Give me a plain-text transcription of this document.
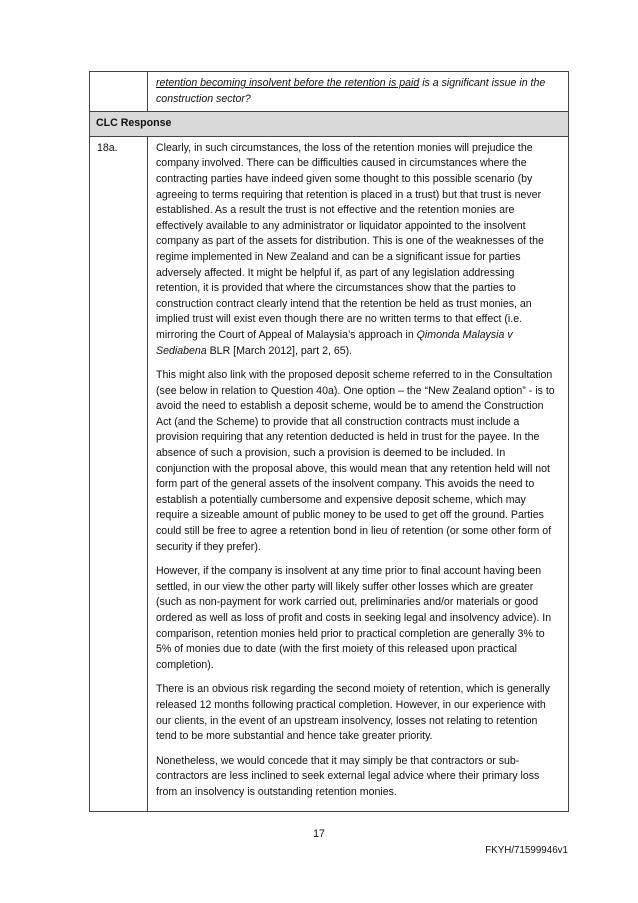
	retention becoming insolvent before the retention is paid is a significant issue in the construction sector?
CLC Response	
18a.	Clearly, in such circumstances, the loss of the retention monies will prejudice the company involved. There can be difficulties caused in circumstances where the contracting parties have indeed given some thought to this possible scenario (by agreeing to terms requiring that retention is placed in a trust) but that trust is never established. As a result the trust is not effective and the retention monies are effectively available to any administrator or liquidator appointed to the insolvent company as part of the assets for distribution. This is one of the weaknesses of the regime implemented in New Zealand and can be a significant issue for parties adversely affected. It might be helpful if, as part of any legislation addressing retention, it is provided that where the circumstances show that the parties to construction contract clearly intend that the retention be held as trust monies, an implied trust will exist even though there are no written terms to that effect (i.e. mirroring the Court of Appeal of Malaysia’s approach in Qimonda Malaysia v Sediabena BLR [March 2012], part 2, 65).

This might also link with the proposed deposit scheme referred to in the Consultation (see below in relation to Question 40a). One option – the “New Zealand option” - is to avoid the need to establish a deposit scheme, would be to amend the Construction Act (and the Scheme) to provide that all construction contracts must include a provision requiring that any retention deducted is held in trust for the payee. In the absence of such a provision, such a provision is deemed to be included. In conjunction with the proposal above, this would mean that any retention held will not form part of the general assets of the insolvent company. This avoids the need to establish a potentially cumbersome and expensive deposit scheme, which may require a sizeable amount of public money to be used to get off the ground. Parties could still be free to agree a retention bond in lieu of retention (or some other form of security if they prefer).

However, if the company is insolvent at any time prior to final account having been settled, in our view the other party will likely suffer other losses which are greater (such as non-payment for work carried out, preliminaries and/or materials or good ordered as well as loss of profit and costs in seeking legal and insolvency advice). In comparison, retention monies held prior to practical completion are generally 3% to 5% of monies due to date (with the first moiety of this released upon practical completion).

There is an obvious risk regarding the second moiety of retention, which is generally released 12 months following practical completion. However, in our experience with our clients, in the event of an upstream insolvency, losses not relating to retention tend to be more substantial and hence take greater priority.

Nonetheless, we would concede that it may simply be that contractors or sub-contractors are less inclined to seek external legal advice where their primary loss from an insolvency is outstanding retention monies.

17
FKYH/71599946v1
